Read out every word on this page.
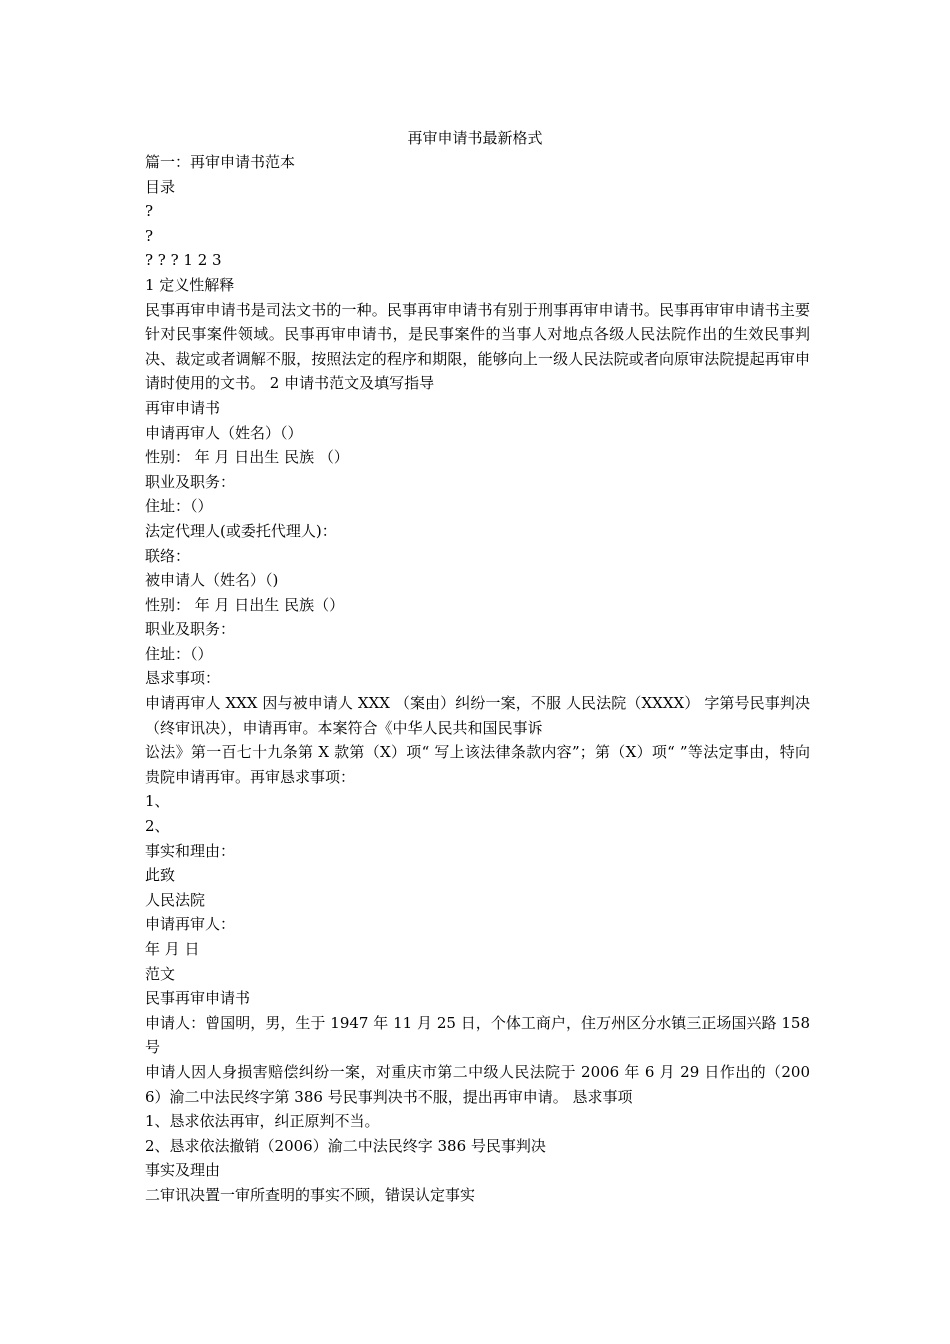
再审申请书最新格式
篇一：再审申请书范本
目录
?
?
? ? ? 1 2 3
1 定义性解释
民事再审申请书是司法文书的一种。民事再审申请书有别于刑事再审申请书。民事再审审申请书主要针对民事案件领域。民事再审申请书，是民事案件的当事人对地点各级人民法院作出的生效民事判决、裁定或者调解不服，按照法定的程序和期限，能够向上一级人民法院或者向原审法院提起再审申请时使用的文书。 2 申请书范文及填写指导
再审申请书
申请再审人（姓名）（）
性别： 年 月 日出生 民族 （）
职业及职务：
住址：（）
法定代理人(或委托代理人)：
联络：
被申请人（姓名）（)
性别： 年 月 日出生 民族（）
职业及职务：
住址：（）
恳求事项：
申请再审人 XXX 因与被申请人 XXX （案由）纠纷一案，不服 人民法院（XXXX） 字第号民事判决（终审讯决），申请再审。本案符合《中华人民共和国民事诉
讼法》第一百七十九条第 X 款第（X）项“ 写上该法律条款内容”；第（X）项“ ”等法定事由，特向贵院申请再审。再审恳求事项：
1、
2、
事实和理由：
此致
人民法院
申请再审人：
年 月 日
范文
民事再审申请书
申请人：曾国明，男，生于 1947 年 11 月 25 日，个体工商户，住万州区分水镇三正场国兴路 158 号
申请人因人身损害赔偿纠纷一案，对重庆市第二中级人民法院于 2006 年 6 月 29 日作出的（2006）渝二中法民终字第 386 号民事判决书不服，提出再审申请。 恳求事项
1、恳求依法再审，纠正原判不当。
2、恳求依法撤销（2006）渝二中法民终字 386 号民事判决
事实及理由
二审讯决置一审所查明的事实不顾，错误认定事实
